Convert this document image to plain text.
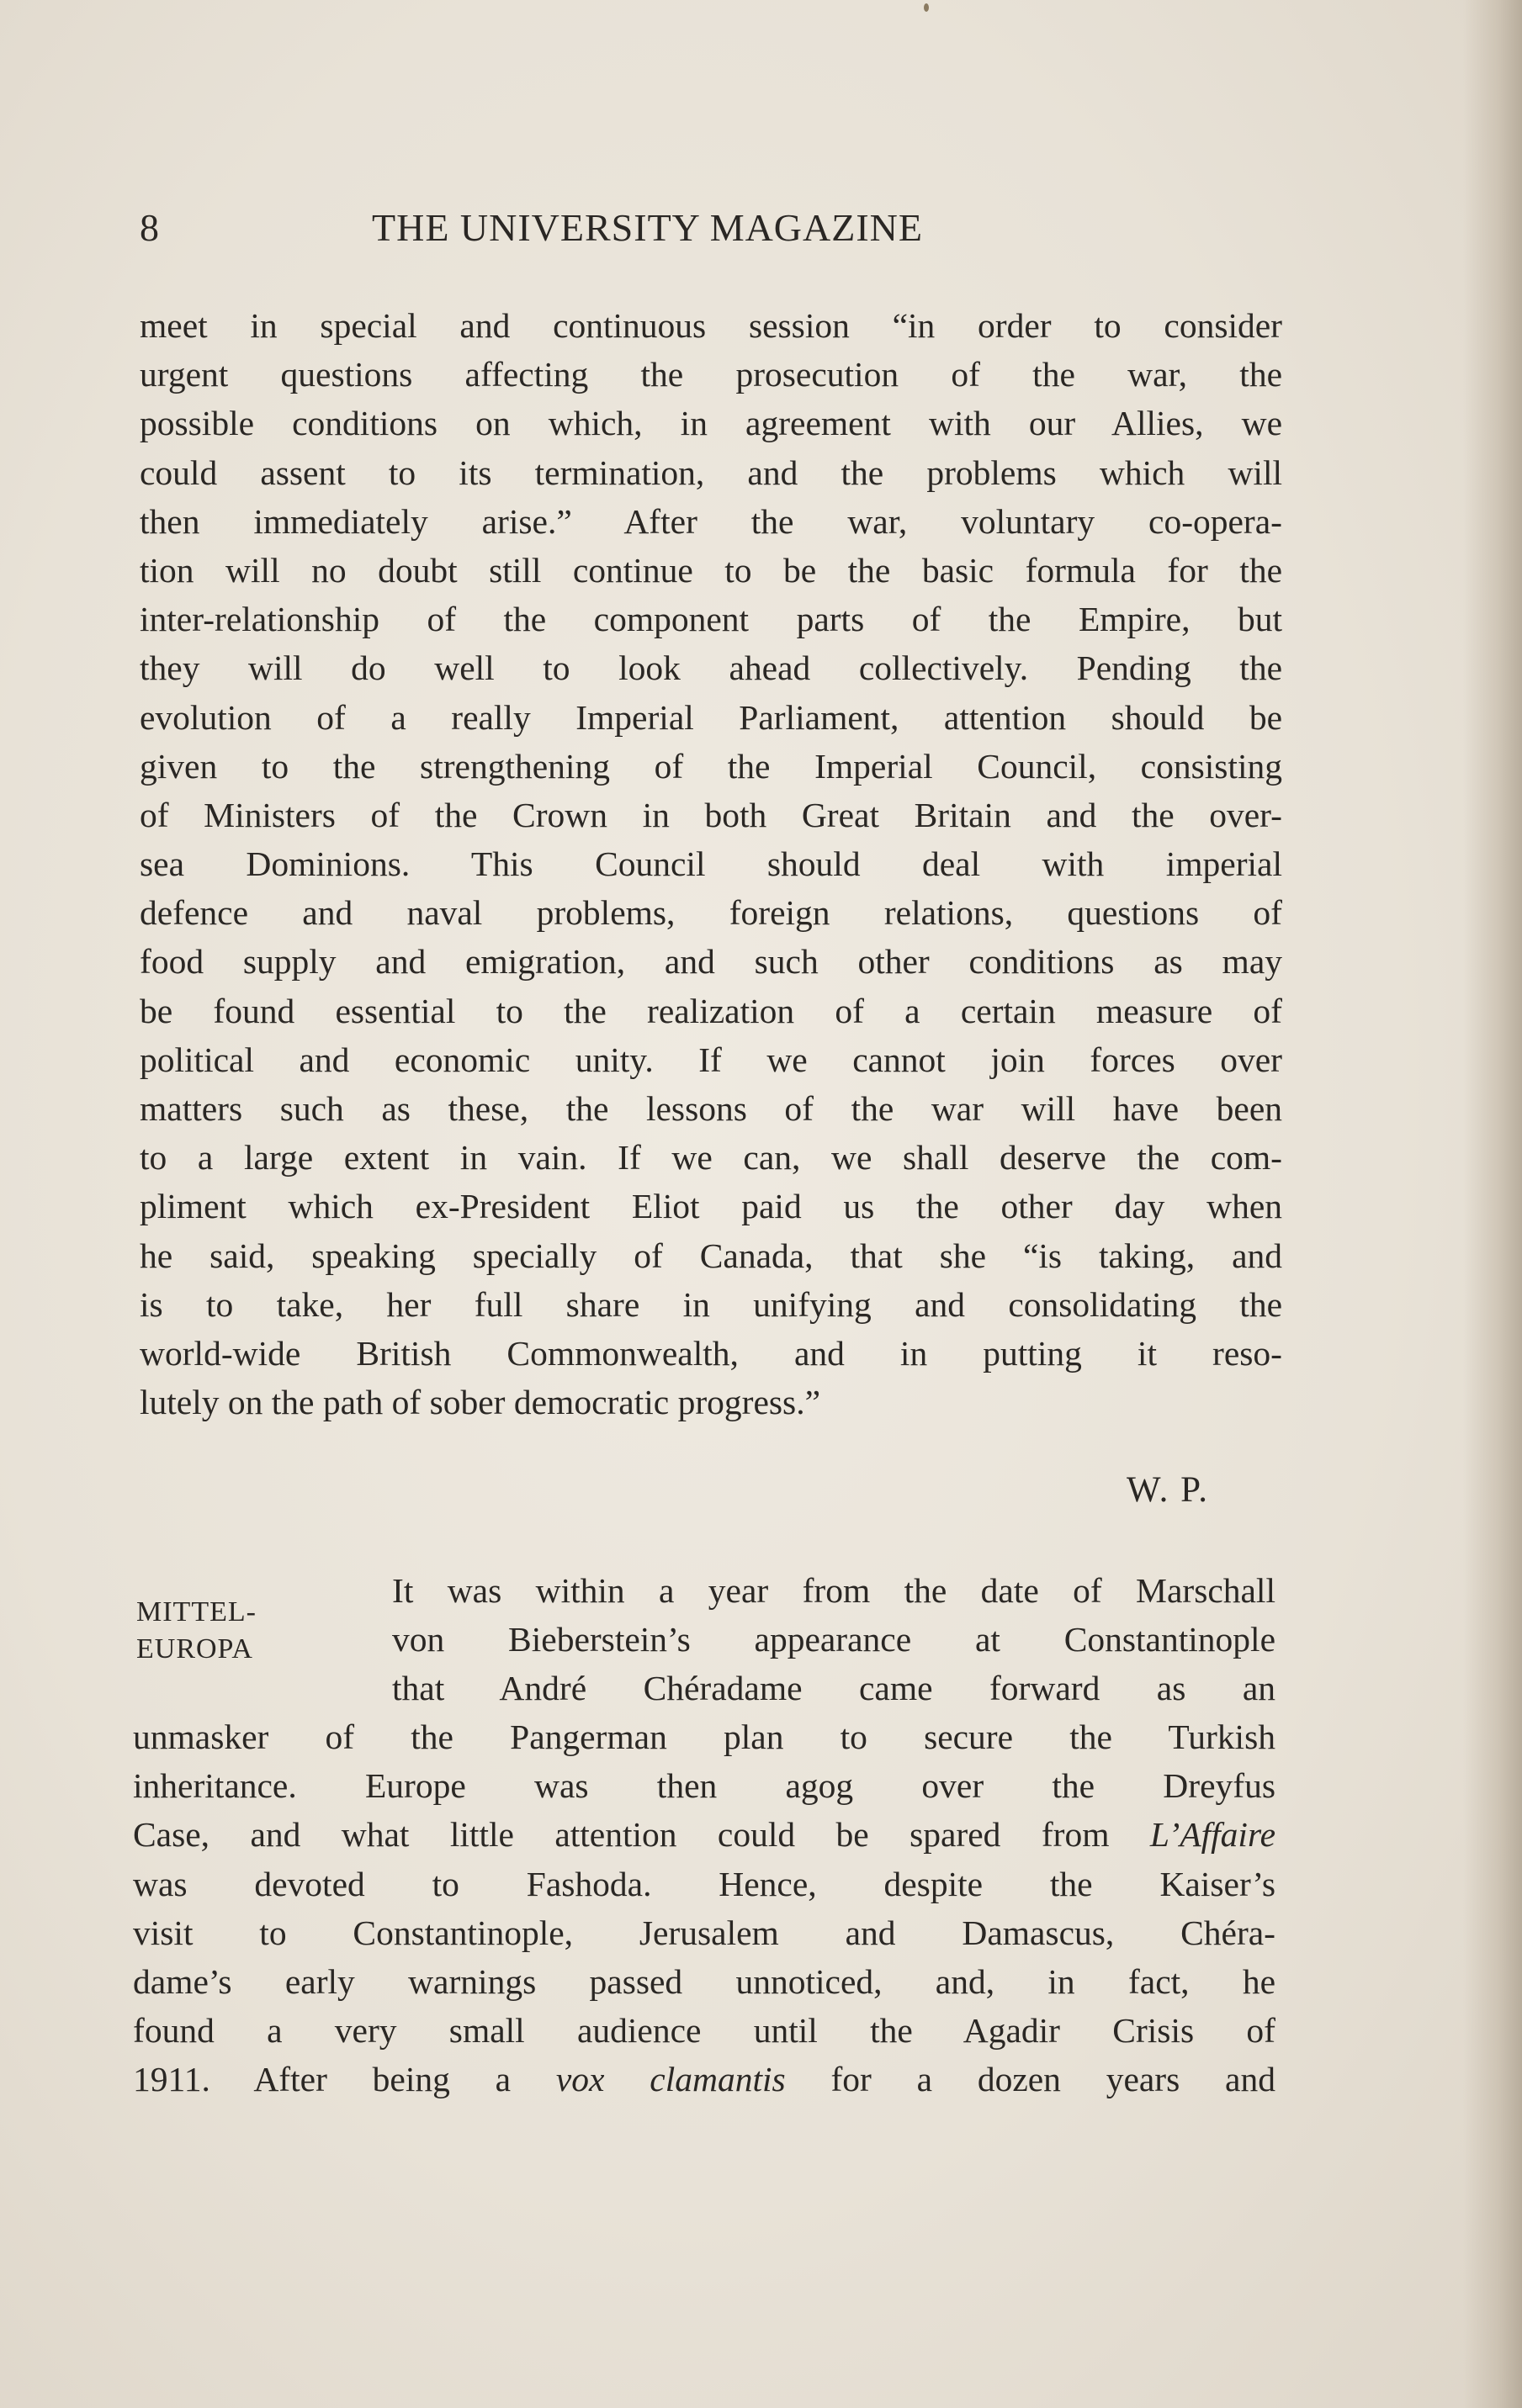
8	THE UNIVERSITY MAGAZINE
meet in special and continuous session “in order to consider
urgent questions affecting the prosecution of the war, the
possible conditions on which, in agreement with our Allies, we
could assent to its termination, and the problems which will
then immediately arise.” After the war, voluntary co-opera-
tion will no doubt still continue to be the basic formula for the
inter-relationship of the component parts of the Empire, but
they will do well to look ahead collectively. Pending the
evolution of a really Imperial Parliament, attention should be
given to the strengthening of the Imperial Council, consisting
of Ministers of the Crown in both Great Britain and the over-
sea Dominions. This Council should deal with imperial
defence and naval problems, foreign relations, questions of
food supply and emigration, and such other conditions as may
be found essential to the realization of a certain measure of
political and economic unity. If we cannot join forces over
matters such as these, the lessons of the war will have been
to a large extent in vain. If we can, we shall deserve the com-
pliment which ex-President Eliot paid us the other day when
he said, speaking specially of Canada, that she “is taking, and
is to take, her full share in unifying and consolidating the
world-wide British Commonwealth, and in putting it reso-
lutely on the path of sober democratic progress.”
W. P.
MITTEL-
EUROPA
It was within a year from the date of Marschall
von Bieberstein’s appearance at Constantinople
that André Chéradame came forward as an
unmasker of the Pangerman plan to secure the Turkish
inheritance. Europe was then agog over the Dreyfus
Case, and what little attention could be spared from L’Affaire
was devoted to Fashoda. Hence, despite the Kaiser’s
visit to Constantinople, Jerusalem and Damascus, Chéra-
dame’s early warnings passed unnoticed, and, in fact, he
found a very small audience until the Agadir Crisis of
1911. After being a vox clamantis for a dozen years and
